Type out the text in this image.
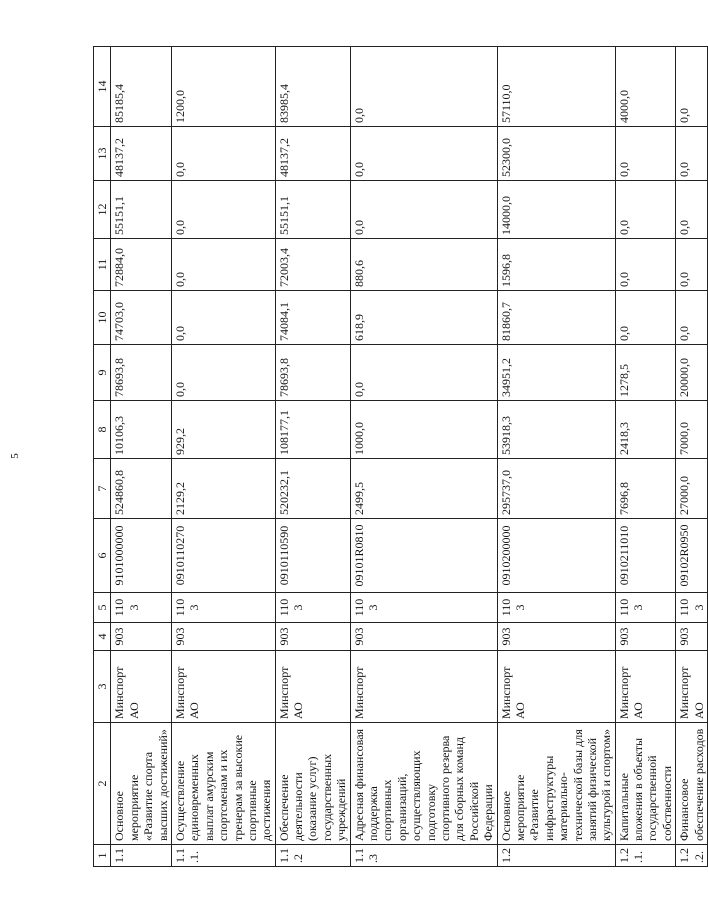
5
1	2	3	4	5	6	7	8	9	10	11	12	13	14
1.1	Основное мероприятие «Развитие спорта высших достижений»	Минспорт АО	903	1103	9101000000	524860,8	10106,3	78693,8	74703,0	72884,0	55151,1	48137,2	85185,4
1.1.1.	Осуществление единовременных выплат амурским спортсменам и их тренерам за высокие спортивные достижения	Минспорт АО	903	1103	0910110270	2129,2	929,2	0,0	0,0	0,0	0,0	0,0	1200,0
1.1.2	Обеспечение деятельности (оказание услуг) государственных учреждений	Минспорт АО	903	1103	0910110590	520232,1	108177,1	78693,8	74084,1	72003,4	55151,1	48137,2	83985,4
1.1.3	Адресная финансовая поддержка спортивных организаций, осуществляющих подготовку спортивного резерва для сборных команд Российской Федерации	Минспорт	903	1103	09101R0810	2499,5	1000,0	0,0	618,9	880,6	0,0	0,0	0,0
1.2	Основное мероприятие «Развитие инфраструктуры материально-технической базы для занятий физической культурой и спортом»	Минспорт АО	903	1103	0910200000	295737,0	53918,3	34951,2	81860,7	1596,8	14000,0	52300,0	57110,0
1.2.1.	Капитальные вложения в объекты государственной собственности	Минспорт АО	903	1103	0910211010	7696,8	2418,3	1278,5	0,0	0,0	0,0	0,0	4000,0
1.2.2.	Финансовое обеспечение расходов	Минспорт АО	903	1103	09102R0950	27000,0	7000,0	20000,0	0,0	0,0	0,0	0,0	0,0
